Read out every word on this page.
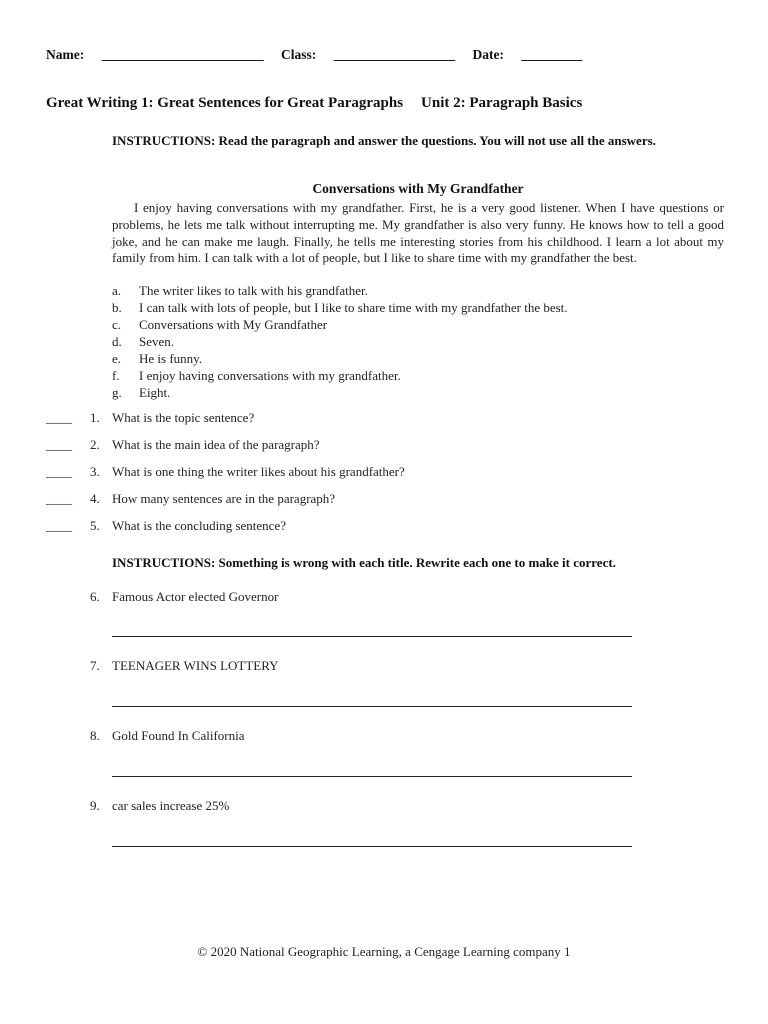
Name: ________________________ Class: __________________ Date: _________
Great Writing 1: Great Sentences for Great Paragraphs Unit 2: Paragraph Basics
INSTRUCTIONS: Read the paragraph and answer the questions. You will not use all the answers.
Conversations with My Grandfather
I enjoy having conversations with my grandfather. First, he is a very good listener. When I have questions or problems, he lets me talk without interrupting me. My grandfather is also very funny. He knows how to tell a good joke, and he can make me laugh. Finally, he tells me interesting stories from his childhood. I learn a lot about my family from him. I can talk with a lot of people, but I like to share time with my grandfather the best.
a. The writer likes to talk with his grandfather.
b. I can talk with lots of people, but I like to share time with my grandfather the best.
c. Conversations with My Grandfather
d. Seven.
e. He is funny.
f. I enjoy having conversations with my grandfather.
g. Eight.
____ 1. What is the topic sentence?
____ 2. What is the main idea of the paragraph?
____ 3. What is one thing the writer likes about his grandfather?
____ 4. How many sentences are in the paragraph?
____ 5. What is the concluding sentence?
INSTRUCTIONS: Something is wrong with each title. Rewrite each one to make it correct.
6. Famous Actor elected Governor
7. TEENAGER WINS LOTTERY
8. Gold Found In California
9. car sales increase 25%
© 2020 National Geographic Learning, a Cengage Learning company 1
